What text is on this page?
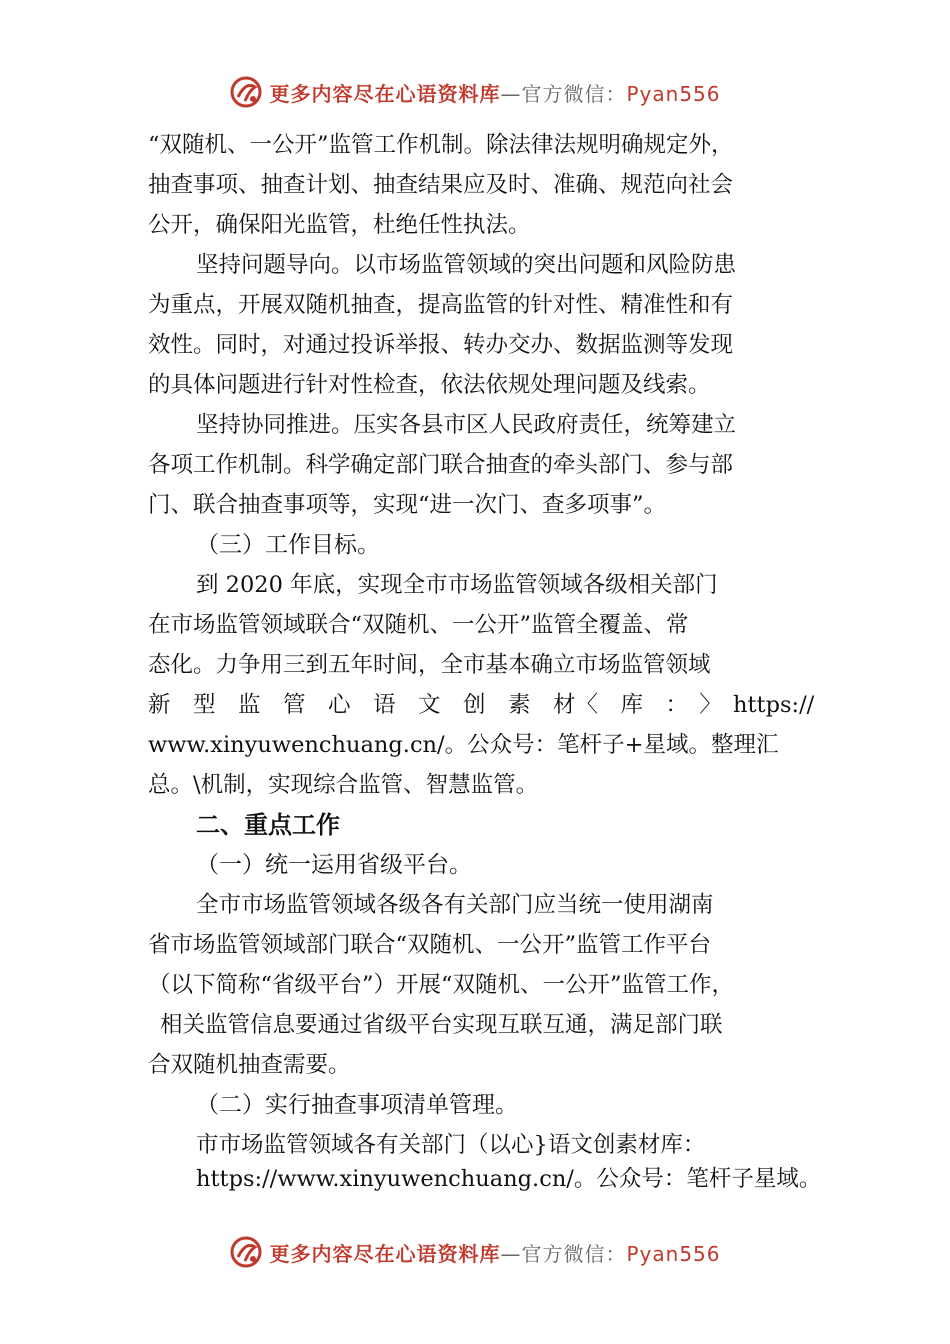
更多内容尽在心语资料库—官方微信：Pyan556
“双随机、一公开”监管工作机制。除法律法规明确规定外，
抽查事项、抽查计划、抽查结果应及时、准确、规范向社会
公开，确保阳光监管，杜绝任性执法。
坚持问题导向。以市场监管领域的突出问题和风险防患
为重点，开展双随机抽查，提高监管的针对性、精准性和有
效性。同时，对通过投诉举报、转办交办、数据监测等发现
的具体问题进行针对性检查，依法依规处理问题及线索。
坚持协同推进。压实各县市区人民政府责任，统筹建立
各项工作机制。科学确定部门联合抽查的牵头部门、参与部
门、联合抽查事项等，实现“进一次门、查多项事”。
（三）工作目标。
到 2020 年底，实现全市市场监管领域各级相关部门
在市场监管领域联合“双随机、一公开”监管全覆盖、常
态化。力争用三到五年时间，全市基本确立市场监管领域
新　型　监　管　心　语　文　创　素　材〈　库　：　〉　https://
www.xinyuwenchuang.cn/。公众号：笔杆子+星域。整理汇
总。\机制，实现综合监管、智慧监管。
二、重点工作
（一）统一运用省级平台。
全市市场监管领域各级各有关部门应当统一使用湖南
省市场监管领域部门联合“双随机、一公开”监管工作平台
（以下简称“省级平台”）开展“双随机、一公开”监管工作，
相关监管信息要通过省级平台实现互联互通，满足部门联
合双随机抽查需要。
（二）实行抽查事项清单管理。
市市场监管领域各有关部门（以心}语文创素材库：
https://www.xinyuwenchuang.cn/。公众号：笔杆子星域。
更多内容尽在心语资料库—官方微信：Pyan556
